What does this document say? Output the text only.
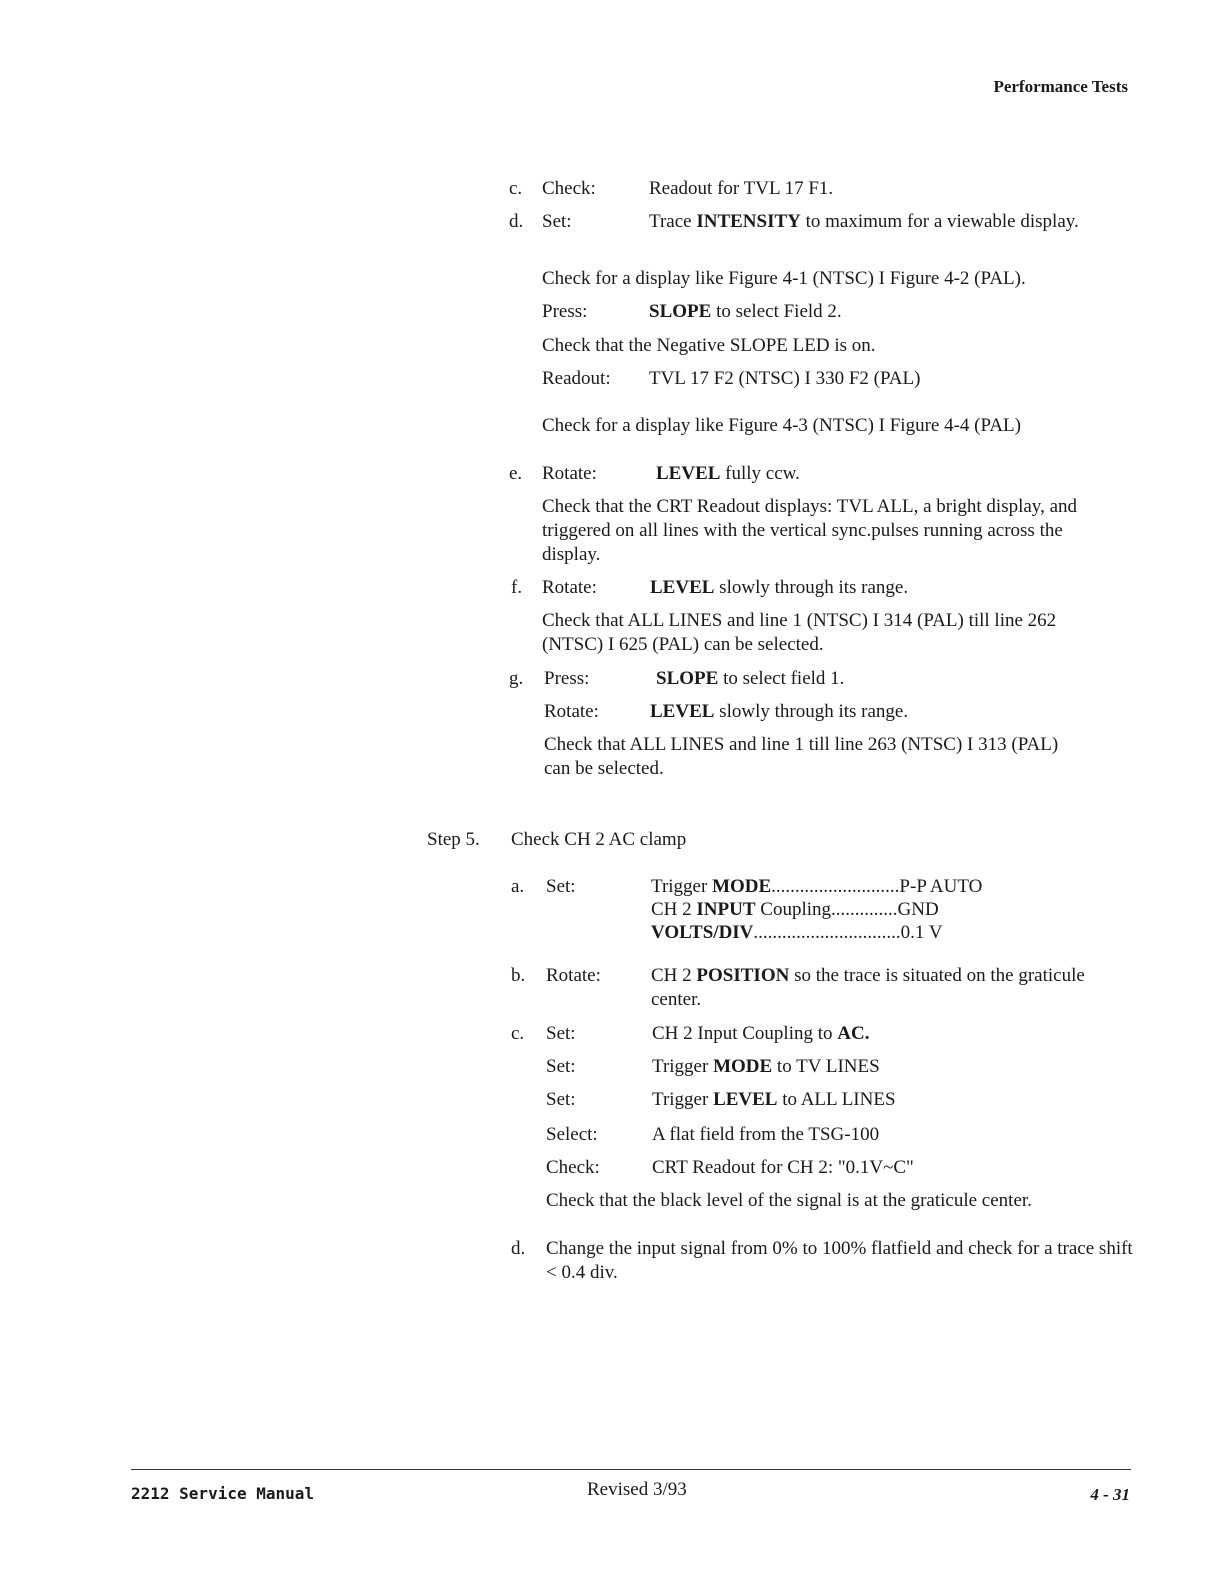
Performance Tests
c. Check:	Readout for TVL 17 F1.
d. Set:	Trace INTENSITY to maximum for a viewable display.
Check for a display like Figure 4-1 (NTSC) I Figure 4-2 (PAL).
Press:	SLOPE to select Field 2.
Check that the Negative SLOPE LED is on.
Readout: TVL 17 F2 (NTSC) I 330 F2 (PAL)
Check for a display like Figure 4-3 (NTSC) I Figure 4-4 (PAL)
e. Rotate:	LEVEL fully ccw.
Check that the CRT Readout displays: TVL ALL, a bright display, and triggered on all lines with the vertical sync.pulses running across the display.
f. Rotate:	LEVEL slowly through its range.
Check that ALL LINES and line 1 (NTSC) I 314 (PAL) till line 262 (NTSC) I 625 (PAL) can be selected.
g. Press:	SLOPE to select field 1.
Rotate:	LEVEL slowly through its range.
Check that ALL LINES and line 1 till line 263 (NTSC) I 313 (PAL) can be selected.
Step 5. Check CH 2 AC clamp
a. Set:	Trigger MODE...........................P-P AUTO
CH 2 INPUT Coupling..............GND
VOLTS/DIV...............................0.1 V
b. Rotate:	CH 2 POSITION so the trace is situated on the graticule center.
c. Set:	CH 2 Input Coupling to AC.
Set:	Trigger MODE to TV LINES
Set:	Trigger LEVEL to ALL LINES
Select:	A flat field from the TSG-100
Check:	CRT Readout for CH 2: "0.1V~C"
Check that the black level of the signal is at the graticule center.
d. Change the input signal from 0% to 100% flatfield and check for a trace shift < 0.4 div.
2212 Service Manual	Revised 3/93	4 - 31
